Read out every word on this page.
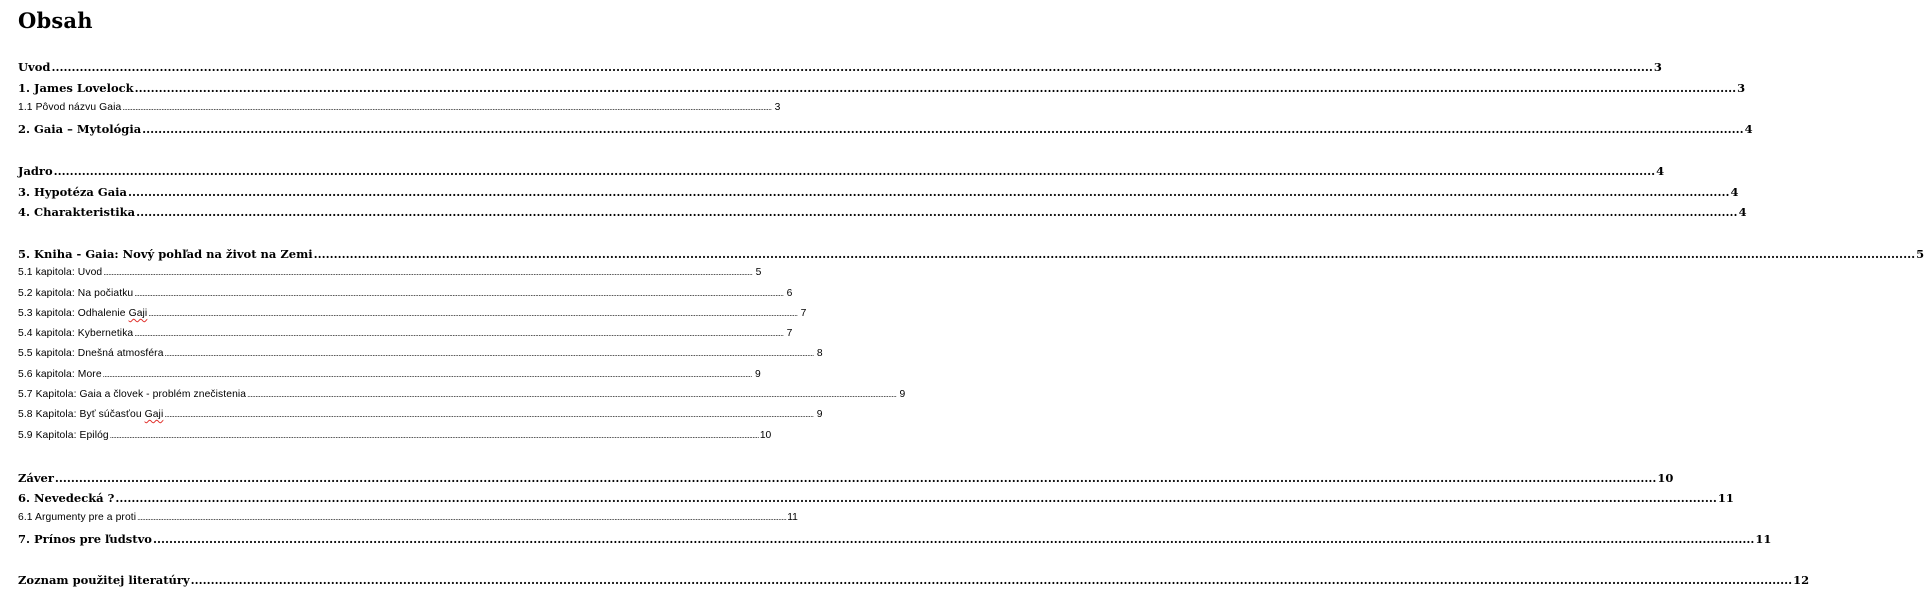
Obsah
Uvod ................................................................................................................................................................................................................................................................................................................................................................................................................ 3
1. James Lovelock ................................................................................................................................................................................................................................................................................................................................................................................................................ 3
1.1 Pôvod názvu Gaia ................................................................................................................................................................................................................................................................................................................................................................................................................ 3
2. Gaia – Mytológia ................................................................................................................................................................................................................................................................................................................................................................................................................ 4
Jadro ................................................................................................................................................................................................................................................................................................................................................................................................................ 4
3. Hypotéza Gaia ................................................................................................................................................................................................................................................................................................................................................................................................................ 4
4. Charakteristika ................................................................................................................................................................................................................................................................................................................................................................................................................ 4
5. Kniha - Gaia: Nový pohľad na život na Zemi ................................................................................................................................................................................................................................................................................................................................................................................................................ 5
5.1 kapitola: Uvod ................................................................................................................................................................................................................................................................................................................................................................................................................ 5
5.2 kapitola: Na počiatku ................................................................................................................................................................................................................................................................................................................................................................................................................ 6
5.3 kapitola: Odhalenie Gaji ................................................................................................................................................................................................................................................................................................................................................................................................................ 7
5.4 kapitola: Kybernetika ................................................................................................................................................................................................................................................................................................................................................................................................................ 7
5.5 kapitola: Dnešná atmosféra ................................................................................................................................................................................................................................................................................................................................................................................................................ 8
5.6 kapitola: More ................................................................................................................................................................................................................................................................................................................................................................................................................ 9
5.7 Kapitola: Gaia a človek - problém znečistenia ................................................................................................................................................................................................................................................................................................................................................................................................................ 9
5.8 Kapitola: Byť súčasťou Gaji ................................................................................................................................................................................................................................................................................................................................................................................................................ 9
5.9 Kapitola: Epilóg ................................................................................................................................................................................................................................................................................................................................................................................................................ 10
Záver ................................................................................................................................................................................................................................................................................................................................................................................................................ 10
6. Nevedecká ? ................................................................................................................................................................................................................................................................................................................................................................................................................ 11
6.1 Argumenty pre a proti ................................................................................................................................................................................................................................................................................................................................................................................................................ 11
7. Prínos pre ľudstvo ................................................................................................................................................................................................................................................................................................................................................................................................................ 11
Zoznam použitej literatúry ................................................................................................................................................................................................................................................................................................................................................................................................................ 12
